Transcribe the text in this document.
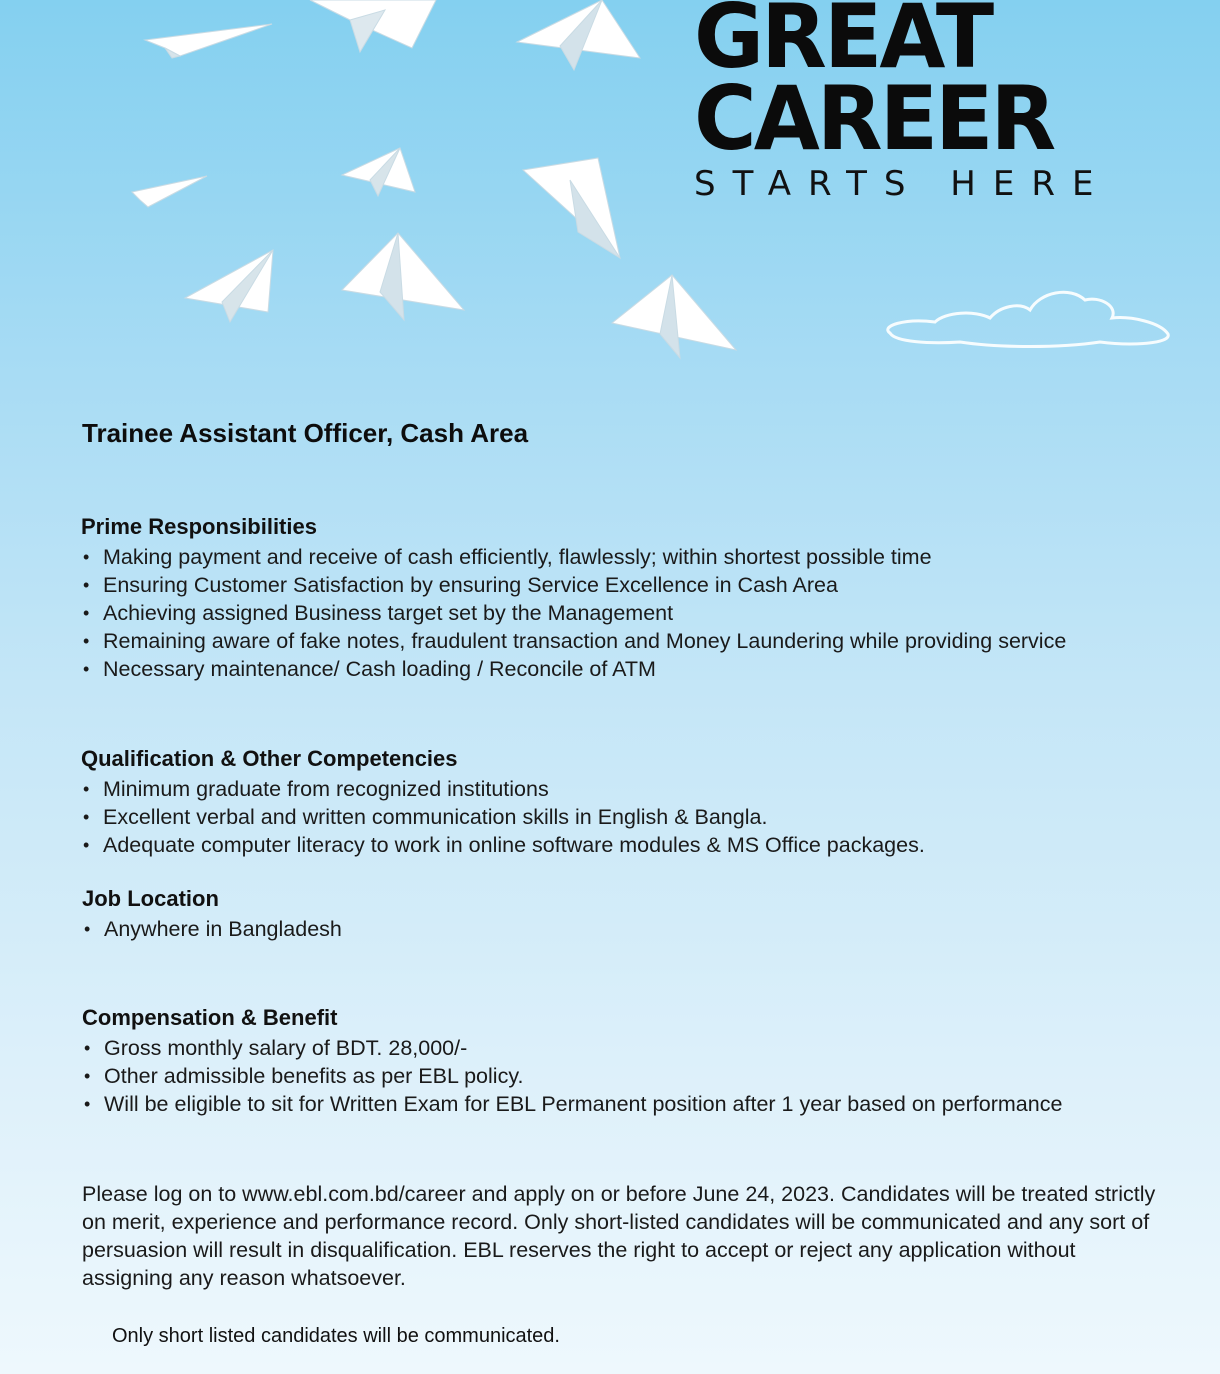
GREAT
CAREER
STARTS HERE
Trainee Assistant Officer, Cash Area
Prime Responsibilities
• Making payment and receive of cash efficiently, flawlessly; within shortest possible time
• Ensuring Customer Satisfaction by ensuring Service Excellence in Cash Area
• Achieving assigned Business target set by the Management
• Remaining aware of fake notes, fraudulent transaction and Money Laundering while providing service
• Necessary maintenance/ Cash loading / Reconcile of ATM
Qualification & Other Competencies
• Minimum graduate from recognized institutions
• Excellent verbal and written communication skills in English & Bangla.
• Adequate computer literacy to work in online software modules & MS Office packages.
Job Location
• Anywhere in Bangladesh
Compensation & Benefit
• Gross monthly salary of BDT. 28,000/-
• Other admissible benefits as per EBL policy.
• Will be eligible to sit for Written Exam for EBL Permanent position after 1 year based on performance

Please log on to www.ebl.com.bd/career and apply on or before June 24, 2023. Candidates will be treated strictly on merit, experience and performance record. Only short-listed candidates will be communicated and any sort of persuasion will result in disqualification. EBL reserves the right to accept or reject any application without assigning any reason whatsoever.

Only short listed candidates will be communicated.
